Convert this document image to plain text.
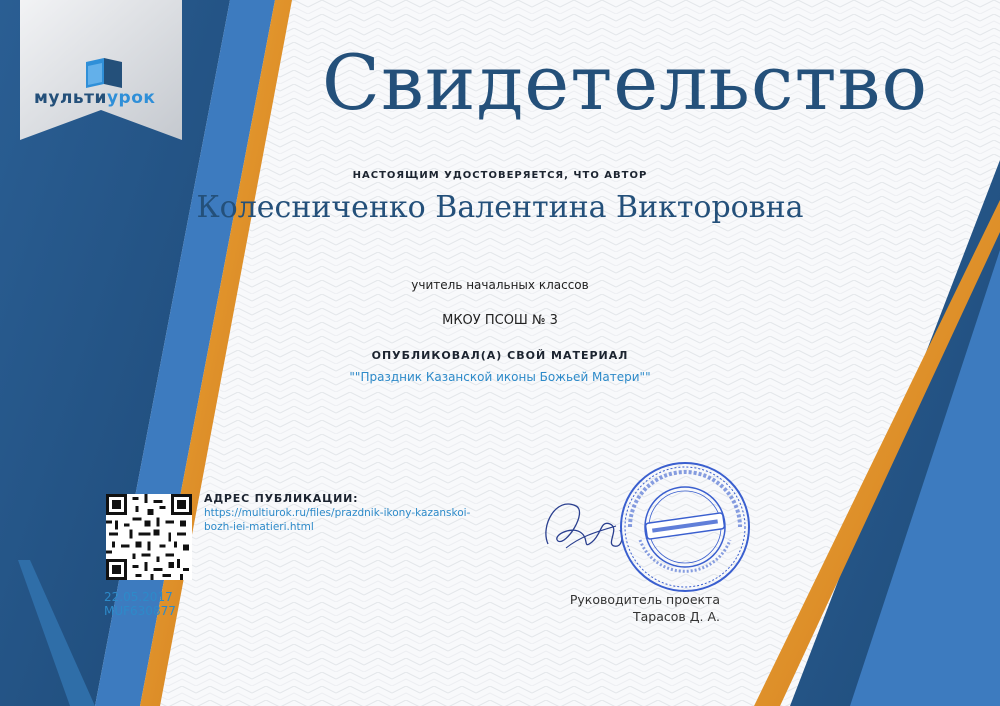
мультиурок	Свидетельство
НАСТОЯЩИМ УДОСТОВЕРЯЕТСЯ, ЧТО АВТОР
Колесниченко Валентина Викторовна
учитель начальных классов
МКОУ ПСОШ № 3
ОПУБЛИКОВАЛ(А) СВОЙ МАТЕРИАЛ
""Праздник Казанской иконы Божьей Матери""
АДРЕС ПУБЛИКАЦИИ:
https://multiurok.ru/files/prazdnik-ikony-kazanskoi-bozh-iei-matieri.html
22.05.2017
MUF630877
Руководитель проекта
Тарасов Д. А.
